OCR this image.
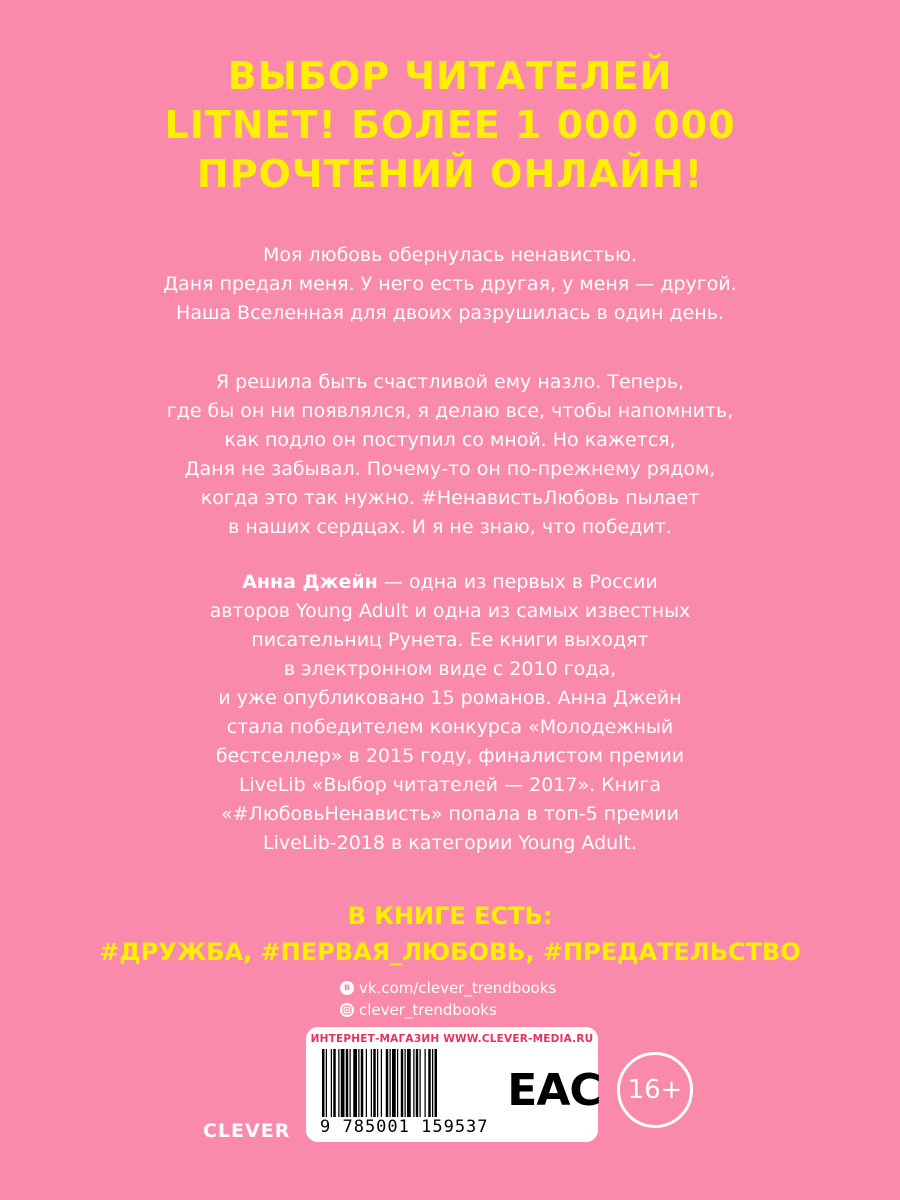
ВЫБОР ЧИТАТЕЛЕЙ
LITNET! БОЛЕЕ 1 000 000
ПРОЧТЕНИЙ ОНЛАЙН!
Моя любовь обернулась ненавистью.
Даня предал меня. У него есть другая, у меня — другой.
Наша Вселенная для двоих разрушилась в один день.
Я решила быть счастливой ему назло. Теперь,
где бы он ни появлялся, я делаю все, чтобы напомнить,
как подло он поступил со мной. Но кажется,
Даня не забывал. Почему-то он по-прежнему рядом,
когда это так нужно. #НенавистьЛюбовь пылает
в наших сердцах. И я не знаю, что победит.
Анна Джейн — одна из первых в России
авторов Young Adult и одна из самых известных
писательниц Рунета. Ее книги выходят
в электронном виде с 2010 года,
и уже опубликовано 15 романов. Анна Джейн
стала победителем конкурса «Молодежный
бестселлер» в 2015 году, финалистом премии
LiveLib «Выбор читателей — 2017». Книга
«#ЛюбовьНенависть» попала в топ-5 премии
LiveLib-2018 в категории Young Adult.
В КНИГЕ ЕСТЬ:
#ДРУЖБА, #ПЕРВАЯ_ЛЮБОВЬ, #ПРЕДАТЕЛЬСТВО
в vk.com/clever_trendbooks
clever_trendbooks
ИНТЕРНЕТ-МАГАЗИН WWW.CLEVER-MEDIA.RU
9 785001 159537
EAC
CLEVER
16+
